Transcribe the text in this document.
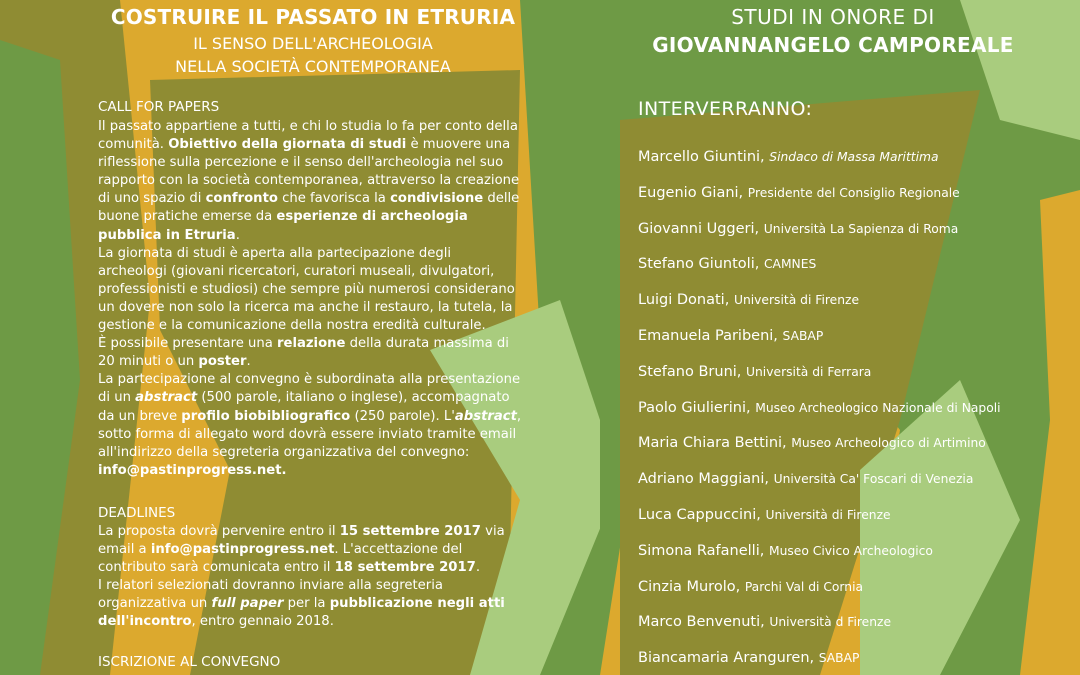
COSTRUIRE IL PASSATO IN ETRURIA
IL SENSO DELL'ARCHEOLOGIA
NELLA SOCIETÀ CONTEMPORANEA
CALL FOR PAPERS
Il passato appartiene a tutti, e chi lo studia lo fa per conto della comunità. Obiettivo della giornata di studi è muovere una riflessione sulla percezione e il senso dell'archeologia nel suo rapporto con la società contemporanea, attraverso la creazione di uno spazio di confronto che favorisca la condivisione delle buone pratiche emerse da esperienze di archeologia pubblica in Etruria.
La giornata di studi è aperta alla partecipazione degli archeologi (giovani ricercatori, curatori museali, divulgatori, professionisti e studiosi) che sempre più numerosi considerano un dovere non solo la ricerca ma anche il restauro, la tutela, la gestione e la comunicazione della nostra eredità culturale.
È possibile presentare una relazione della durata massima di 20 minuti o un poster.
La partecipazione al convegno è subordinata alla presentazione di un abstract (500 parole, italiano o inglese), accompagnato da un breve profilo biobibliografico (250 parole). L'abstract, sotto forma di allegato word dovrà essere inviato tramite email all'indirizzo della segreteria organizzativa del convegno:
info@pastinprogress.net.
DEADLINES
La proposta dovrà pervenire entro il 15 settembre 2017 via email a info@pastinprogress.net. L'accettazione del contributo sarà comunicata entro il 18 settembre 2017.
I relatori selezionati dovranno inviare alla segreteria organizzativa un full paper per la pubblicazione negli atti dell'incontro, entro gennaio 2018.
ISCRIZIONE AL CONVEGNO
STUDI IN ONORE DI
GIOVANNANGELO CAMPOREALE
INTERVERRANNO:
Marcello Giuntini, Sindaco di Massa Marittima
Eugenio Giani, Presidente del Consiglio Regionale
Giovanni Uggeri, Università La Sapienza di Roma
Stefano Giuntoli, CAMNES
Luigi Donati, Università di Firenze
Emanuela Paribeni, SABAP
Stefano Bruni, Università di Ferrara
Paolo Giulierini, Museo Archeologico Nazionale di Napoli
Maria Chiara Bettini, Museo Archeologico di Artimino
Adriano Maggiani, Università Ca' Foscari di Venezia
Luca Cappuccini, Università di Firenze
Simona Rafanelli, Museo Civico Archeologico
Cinzia Murolo, Parchi Val di Cornia
Marco Benvenuti, Università d Firenze
Biancamaria Aranguren, SABAP
